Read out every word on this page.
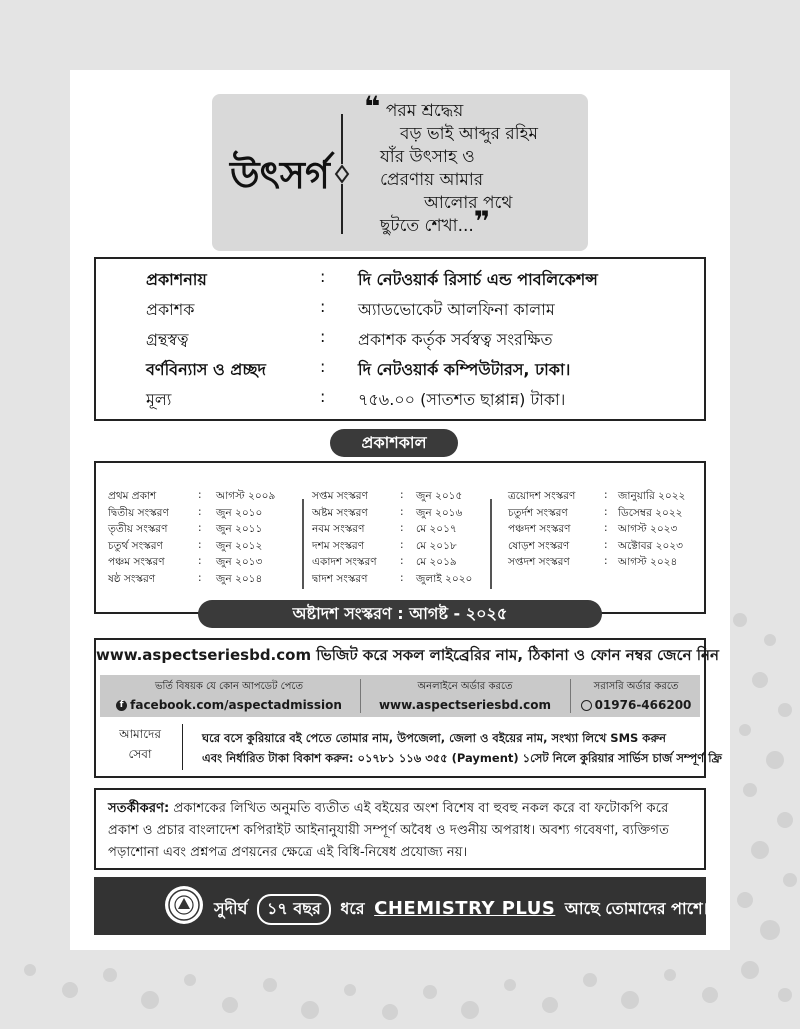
উৎসর্গ
❝ পরম শ্রদ্ধেয়
বড় ভাই আব্দুর রহিম
যাঁর উৎসাহ ও
প্রেরণায় আমার
আলোর পথে
ছুটতে শেখা...❞
প্রকাশনায়	: দি নেটওয়ার্ক রিসার্চ এন্ড পাবলিকেশন্স
প্রকাশক	: অ্যাডভোকেট আলফিনা কালাম
গ্রন্থস্বত্ব	: প্রকাশক কর্তৃক সর্বস্বত্ব সংরক্ষিত
বর্ণবিন্যাস ও প্রচ্ছদ	: দি নেটওয়ার্ক কম্পিউটারস, ঢাকা।
মূল্য	: ৭৫৬.০০ (সাতশত ছাপ্পান্ন) টাকা।
প্রকাশকাল
প্রথম প্রকাশ	: আগস্ট ২০০৯
দ্বিতীয় সংস্করণ	: জুন ২০১০
তৃতীয় সংস্করণ	: জুন ২০১১
চতুর্থ সংস্করণ	: জুন ২০১২
পঞ্চম সংস্করণ	: জুন ২০১৩
ষষ্ঠ সংস্করণ	: জুন ২০১৪
সপ্তম সংস্করণ	: জুন ২০১৫
অষ্টম সংস্করণ	: জুন ২০১৬
নবম সংস্করণ	: মে ২০১৭
দশম সংস্করণ	: মে ২০১৮
একাদশ সংস্করণ : মে ২০১৯
দ্বাদশ সংস্করণ	: জুলাই ২০২০
ত্রয়োদশ সংস্করণ	: জানুয়ারি ২০২২
চতুর্দশ সংস্করণ	: ডিসেম্বর ২০২২
পঞ্চদশ সংস্করণ	: আগস্ট ২০২৩
ষোড়শ সংস্করণ	: অক্টোবর ২০২৩
সপ্তদশ সংস্করণ	: আগস্ট ২০২৪
অষ্টাদশ সংস্করণ : আগষ্ট - ২০২৫
www.aspectseriesbd.com ভিজিট করে সকল লাইব্রেরির নাম, ঠিকানা ও ফোন নম্বর জেনে নিন
ভর্তি বিষয়ক যে কোন আপডেট পেতে
f facebook.com/aspectadmission
অনলাইনে অর্ডার করতে
www.aspectseriesbd.com
সরাসরি অর্ডার করতে
01976-466200
আমাদের
সেবা
ঘরে বসে কুরিয়ারে বই পেতে তোমার নাম, উপজেলা, জেলা ও বইয়ের নাম, সংখ্যা লিখে SMS করুন
এবং নির্ধারিত টাকা বিকাশ করুন: ০১৭৮১ ১১৬ ৩৫৫ (Payment) ১সেট নিলে কুরিয়ার সার্ভিস চার্জ সম্পূর্ণ ফ্রি
সতর্কীকরণ: প্রকাশকের লিখিত অনুমতি ব্যতীত এই বইয়ের অংশ বিশেষ বা হুবহু নকল করে বা ফটোকপি করে প্রকাশ ও প্রচার বাংলাদেশ কপিরাইট আইনানুযায়ী সম্পূর্ণ অবৈধ ও দণ্ডনীয় অপরাধ। অবশ্য গবেষণা, ব্যক্তিগত পড়াশোনা এবং প্রশ্নপত্র প্রণয়নের ক্ষেত্রে এই বিধি-নিষেধ প্রযোজ্য নয়।
সুদীর্ঘ ১৭ বছর ধরে CHEMISTRY PLUS আছে তোমাদের পাশে।
